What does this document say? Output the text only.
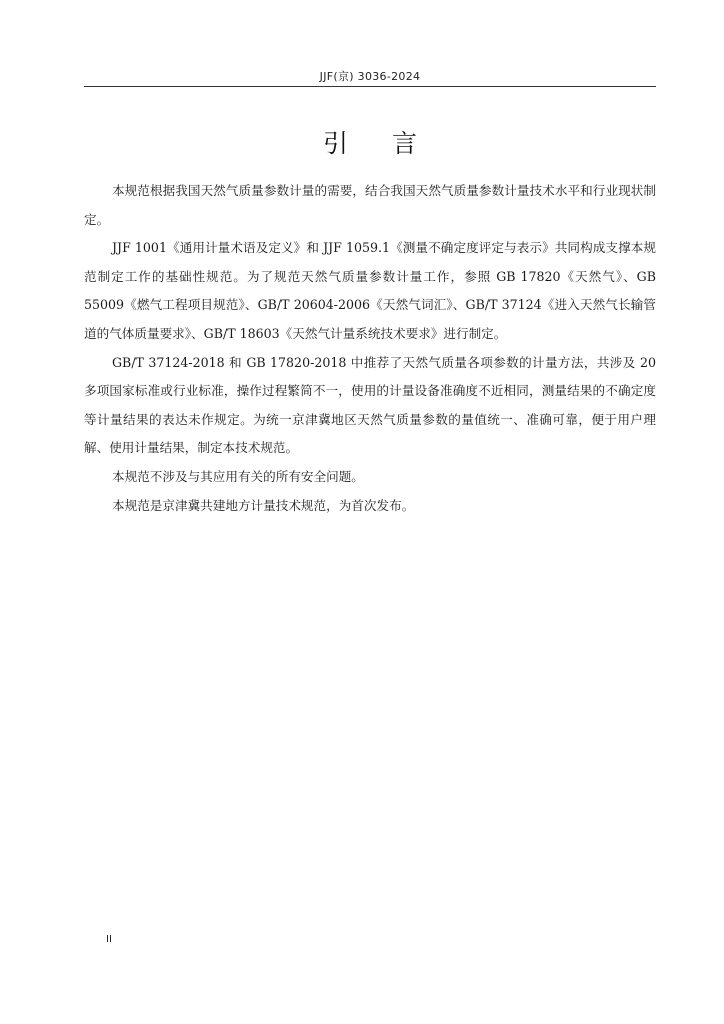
JJF(京) 3036-2024
引 言

本规范根据我国天然气质量参数计量的需要，结合我国天然气质量参数计量技术水平和行业现状制定。

JJF 1001《通用计量术语及定义》和 JJF 1059.1《测量不确定度评定与表示》共同构成支撑本规范制定工作的基础性规范。为了规范天然气质量参数计量工作，参照 GB 17820《天然气》、GB 55009《燃气工程项目规范》、GB/T 20604-2006《天然气词汇》、GB/T 37124《进入天然气长输管道的气体质量要求》、GB/T 18603《天然气计量系统技术要求》进行制定。

GB/T 37124-2018 和 GB 17820-2018 中推荐了天然气质量各项参数的计量方法，共涉及 20 多项国家标准或行业标准，操作过程繁简不一，使用的计量设备准确度不近相同，测量结果的不确定度等计量结果的表达未作规定。为统一京津冀地区天然气质量参数的量值统一、准确可靠，便于用户理解、使用计量结果，制定本技术规范。

本规范不涉及与其应用有关的所有安全问题。

本规范是京津冀共建地方计量技术规范，为首次发布。

II
